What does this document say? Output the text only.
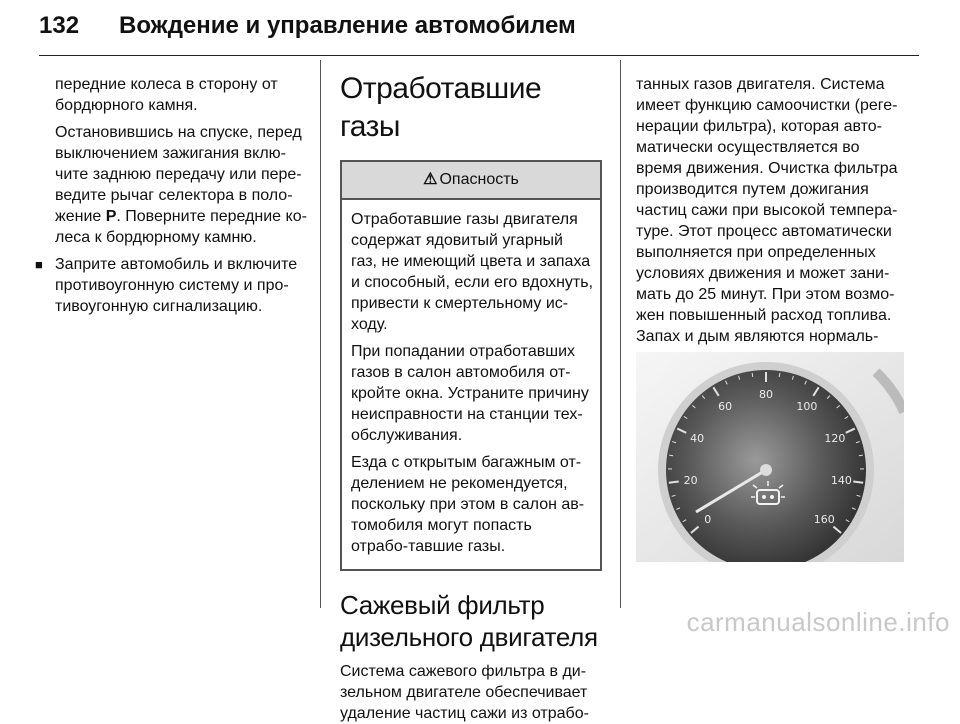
132 Вождение и управление автомобилем

передние колеса в сторону от бордюрного камня.

Остановившись на спуске, перед выключением зажигания вклю-чите заднюю передачу или пере-ведите рычаг селектора в поло-жение P. Поверните передние ко-леса к бордюрному камню.

■ Заприте автомобиль и включите противоугонную систему и про-тивоугонную сигнализацию.
Отработавшие газы
⚠ Опасность

Отработавшие газы двигателя содержат ядовитый угарный газ, не имеющий цвета и запаха и способный, если его вдохнуть, привести к смертельному ис-ходу.

При попадании отработавших газов в салон автомобиля от-кройте окна. Устраните причину неисправности на станции тех-обслуживания.

Езда с открытым багажным от-делением не рекомендуется, поскольку при этом в салон ав-томобиля могут попасть отрабо-тавшие газы.

Сажевый фильтр
дизельного двигателя

Система сажевого фильтра в ди-зельном двигателе обеспечивает удаление частиц сажи из отрабо-

танных газов двигателя. Система имеет функцию самоочистки (реге-нерации фильтра), которая авто-матически осуществляется во время движения. Очистка фильтра производится путем дожигания частиц сажи при высокой темпера-туре. Этот процесс автоматически выполняется при определенных условиях движения и может зани-мать до 25 минут. При этом возмо-жен повышенный расход топлива. Запах и дым являются нормаль-

0
20
40
60
80
100
120
140
160
carmanualsonline.info
